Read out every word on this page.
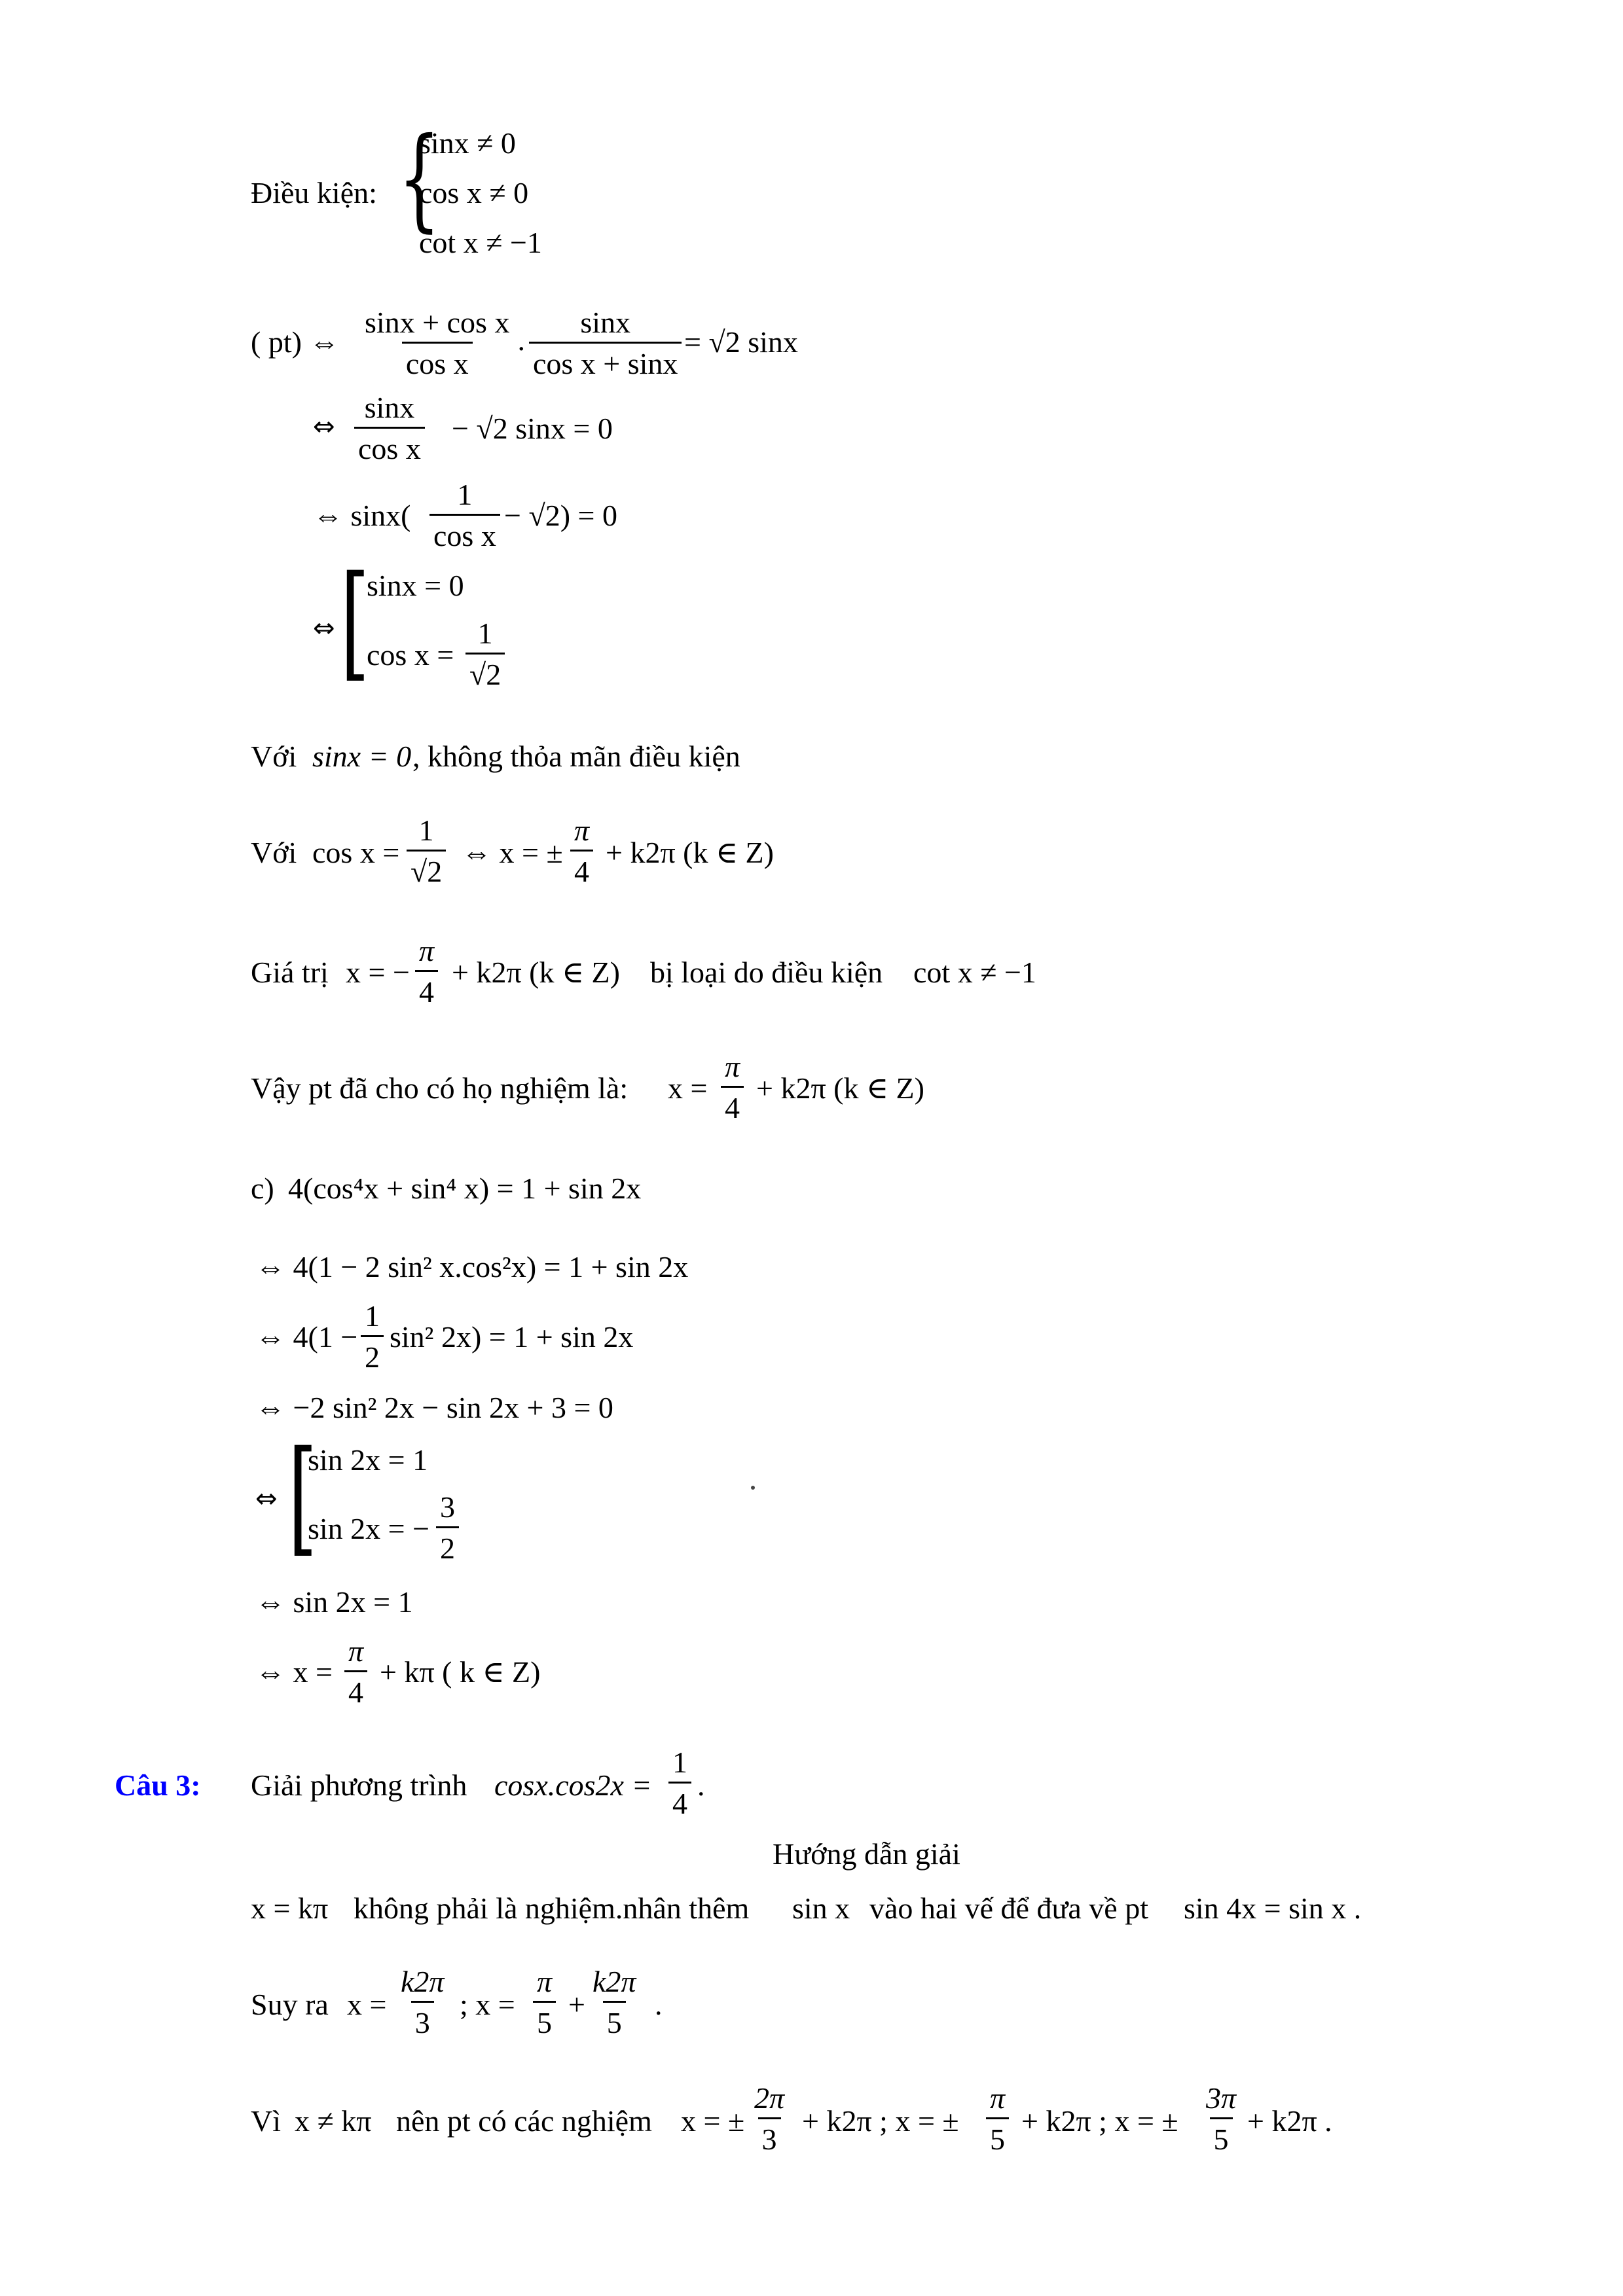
Điều kiện: {
sinx ≠ 0
cos x ≠ 0
cot x ≠ −1
( pt) ⇔ $\frac{\text{sinx + cos x}}{\text{cos x}}$ . $\frac{\sin x}{\text{cos x + sinx}} = √2$ sinx
⇔ $\frac{\sin x}{\text{cos x}} - √2$ sinx = 0
⇔ $\sin x( \frac{1}{\text{cos x}} - √2) = 0$
⇔ [
sinx = 0
$\cos x = \frac{1}{√2}$
Với sinx = 0 , không thỏa mãn điều kiện
Với $\cos x = \frac{1}{√2}$ ⇔ x = ± $\frac{\pi}{4} + k2\pi$ (k ∈ Z)
Giá trị x = − $\frac{\pi}{4} + k2\pi$ (k ∈ Z) bị loại do điều kiện cot x ≠ −1
Vậy pt đã cho có họ nghiệm là: $x = \frac{\pi}{4} + k2\pi$ (k ∈ Z)
c) 4(cos⁴x + sin⁴ x) = 1 + sin 2x
⇔ 4(1 − 2 sin² x.cos²x) = 1 + sin 2x
⇔ $4(1 - \frac{1}{2} \sin^2$ 2x) = 1 + sin 2x
⇔ −2 sin² 2x − sin 2x + 3 = 0
⇔ [
sin 2x = 1
sin 2x = − $\frac{3}{2}$
⇔ sin 2x = 1
⇔ $x = \frac{\pi}{4} + k\pi$ ( k ∈ Z)
Câu 3: Giải phương trình $\cos x.\cos 2x = \frac{1}{4}$ .
Hướng dẫn giải
x = kπ không phải là nghiệm.nhân thêm sin x vào hai vế để đưa về pt sin 4x = sin x .
Suy ra $x = \frac{k2\pi}{3}$ ; $x = \frac{\pi}{5} + \frac{k2\pi}{5}$ .
Vì x ≠ kπ nên pt có các nghiệm x = ± $\frac{2\pi}{3} + k2\pi$ ; x = ± $\frac{\pi}{5} + k2\pi$ ; x = ± $\frac{3\pi}{5} + k2\pi$ .
